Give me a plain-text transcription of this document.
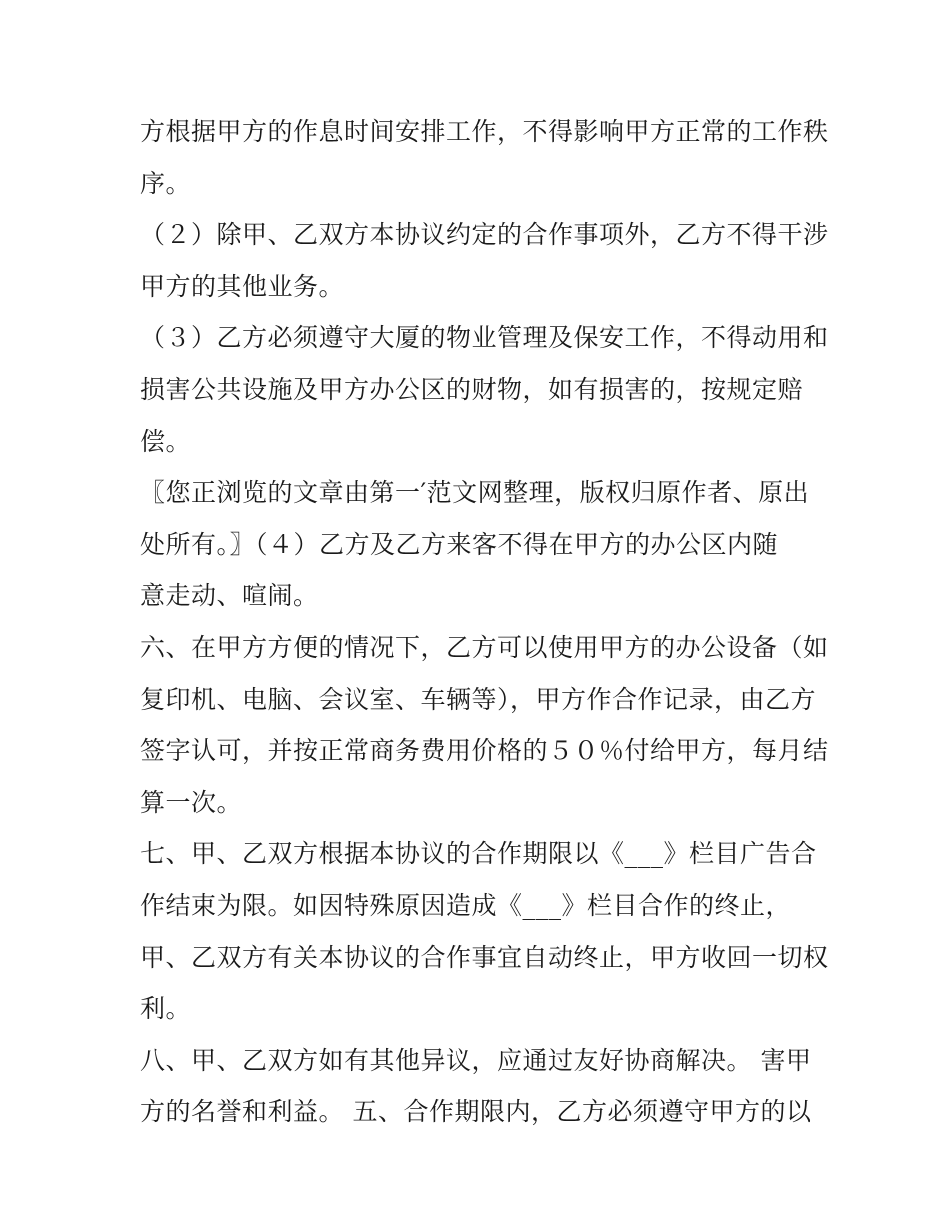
方根据甲方的作息时间安排工作，不得影响甲方正常的工作秩
序。
（２）除甲、乙双方本协议约定的合作事项外，乙方不得干涉
甲方的其他业务。
（３）乙方必须遵守大厦的物业管理及保安工作，不得动用和
损害公共设施及甲方办公区的财物，如有损害的，按规定赔
偿。
〖您正浏览的文章由第一′范文网整理，版权归原作者、原出
处所有。〗（４）乙方及乙方来客不得在甲方的办公区内随
意走动、喧闹。
六、在甲方方便的情况下，乙方可以使用甲方的办公设备（如
复印机、电脑、会议室、车辆等），甲方作合作记录，由乙方
签字认可，并按正常商务费用价格的５０％付给甲方，每月结
算一次。
七、甲、乙双方根据本协议的合作期限以《___》栏目广告合
作结束为限。如因特殊原因造成《___》栏目合作的终止，
甲、乙双方有关本协议的合作事宜自动终止，甲方收回一切权
利。
八、甲、乙双方如有其他异议，应通过友好协商解决。 害甲
方的名誉和利益。 五、合作期限内，乙方必须遵守甲方的以
